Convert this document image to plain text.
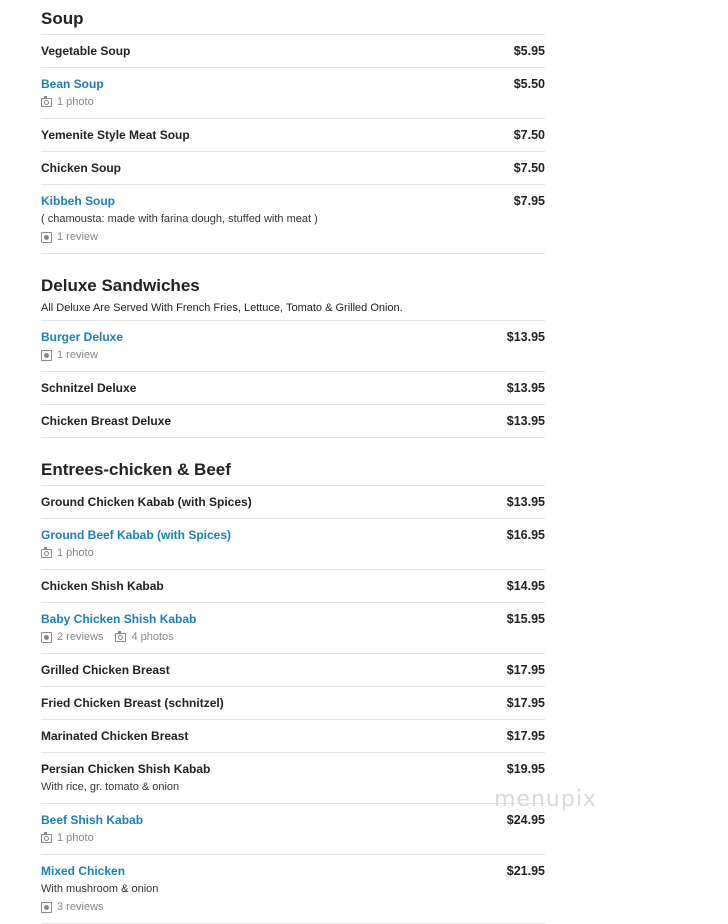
Soup
Vegetable Soup	$5.95
Bean Soup	$5.50
1 photo
Yemenite Style Meat Soup	$7.50
Chicken Soup	$7.50
Kibbeh Soup	$7.95
( chamousta: made with farina dough, stuffed with meat )
1 review
Deluxe Sandwiches

All Deluxe Are Served With French Fries, Lettuce, Tomato & Grilled Onion.

Burger Deluxe	$13.95
1 review
Schnitzel Deluxe	$13.95
Chicken Breast Deluxe	$13.95
Entrees-chicken & Beef
Ground Chicken Kabab (with Spices)	$13.95
Ground Beef Kabab (with Spices)	$16.95
1 photo
Chicken Shish Kabab	$14.95
Baby Chicken Shish Kabab	$15.95
2 reviews	4 photos
Grilled Chicken Breast	$17.95
Fried Chicken Breast (schnitzel)	$17.95
Marinated Chicken Breast	$17.95
Persian Chicken Shish Kabab	$19.95
With rice, gr. tomato & onion
Beef Shish Kabab	$24.95
1 photo
Mixed Chicken	$21.95
With mushroom & onion
3 reviews
menupix
